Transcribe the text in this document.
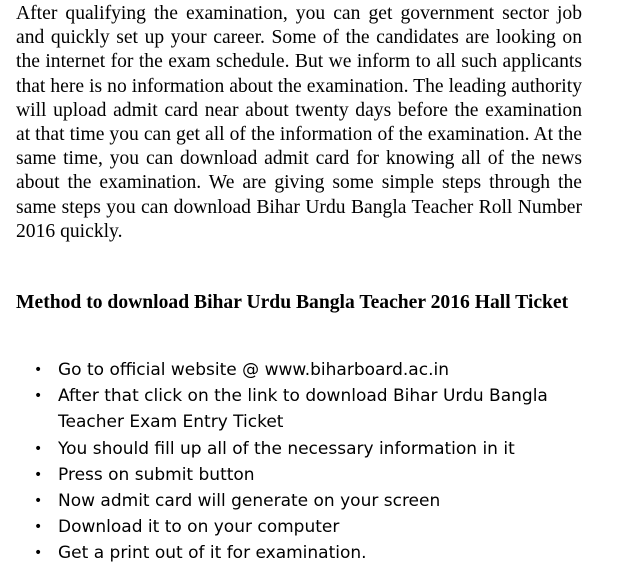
After qualifying the examination, you can get government sector job and quickly set up your career. Some of the candidates are looking on the internet for the exam schedule. But we inform to all such applicants that here is no information about the examination. The leading authority will upload admit card near about twenty days before the examination at that time you can get all of the information of the examination. At the same time, you can download admit card for knowing all of the news about the examination. We are giving some simple steps through the same steps you can download Bihar Urdu Bangla Teacher Roll Number 2016 quickly.

Method to download Bihar Urdu Bangla Teacher 2016 Hall Ticket
• Go to official website @ www.biharboard.ac.in
• After that click on the link to download Bihar Urdu Bangla Teacher Exam Entry Ticket
• You should fill up all of the necessary information in it
• Press on submit button
• Now admit card will generate on your screen
• Download it to on your computer
• Get a print out of it for examination.
